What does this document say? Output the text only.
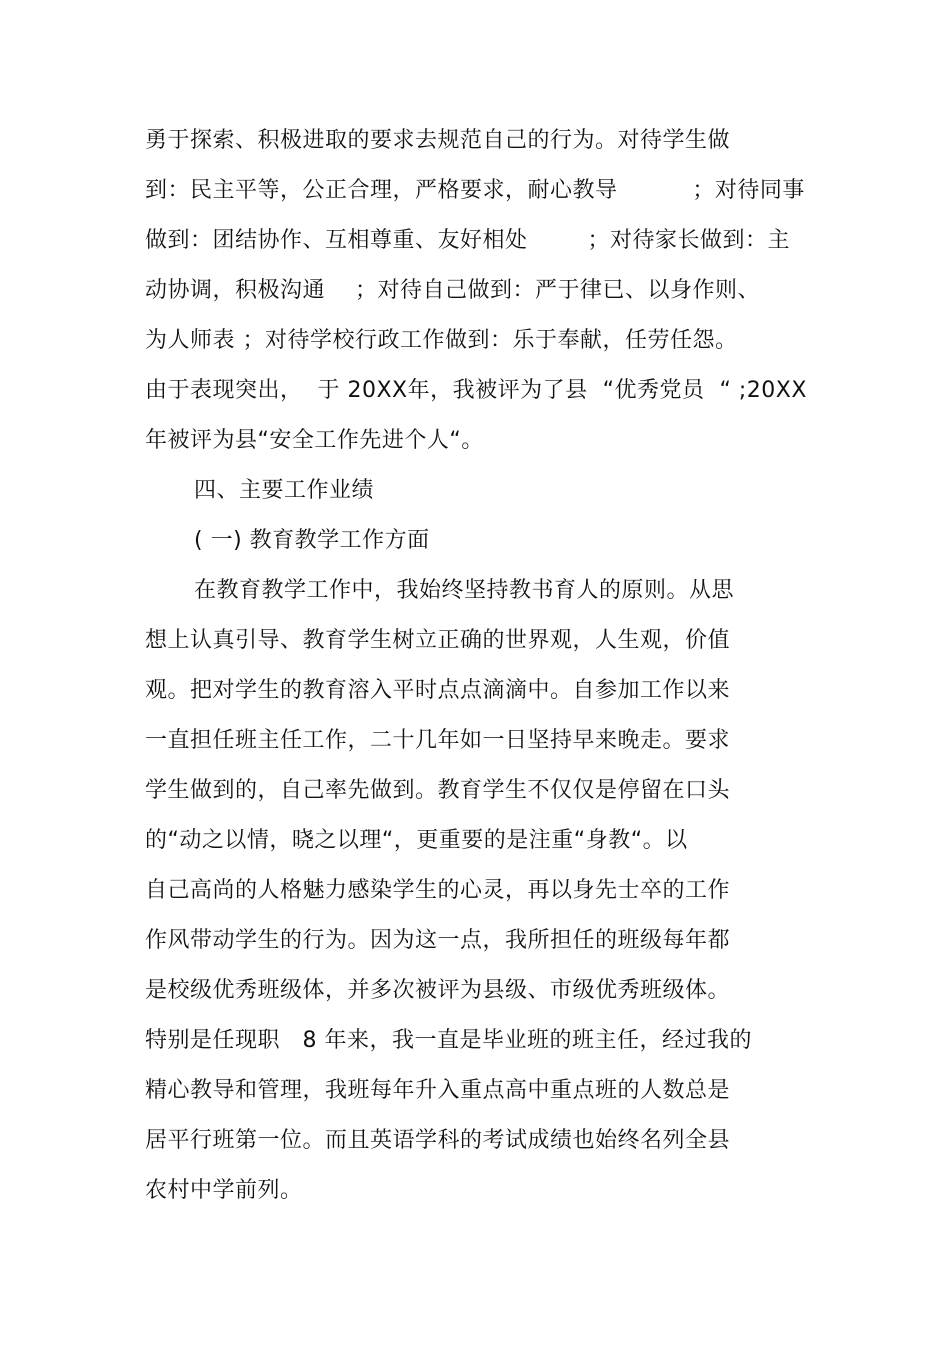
勇于探索、积极进取的要求去规范自己的行为。对待学生做
到：民主平等，公正合理，严格要求，耐心教导          ；对待同事
做到：团结协作、互相尊重、友好相处        ；对待家长做到：主
动协调，积极沟通    ；对待自己做到：严于律已、以身作则、
为人师表 ；对待学校行政工作做到：乐于奉献，任劳任怨。
由于表现突出，  于 20XX年，我被评为了县  “优秀党员  “ ;20XX
年被评为县“安全工作先进个人“。
四、主要工作业绩
( 一) 教育教学工作方面
在教育教学工作中，我始终坚持教书育人的原则。从思
想上认真引导、教育学生树立正确的世界观，人生观，价值
观。把对学生的教育溶入平时点点滴滴中。自参加工作以来
一直担任班主任工作，二十几年如一日坚持早来晚走。要求
学生做到的，自己率先做到。教育学生不仅仅是停留在口头
的“动之以情，晓之以理“，更重要的是注重“身教“。以
自己高尚的人格魅力感染学生的心灵，再以身先士卒的工作
作风带动学生的行为。因为这一点，我所担任的班级每年都
是校级优秀班级体，并多次被评为县级、市级优秀班级体。
特别是任现职   8 年来，我一直是毕业班的班主任，经过我的
精心教导和管理，我班每年升入重点高中重点班的人数总是
居平行班第一位。而且英语学科的考试成绩也始终名列全县
农村中学前列。
